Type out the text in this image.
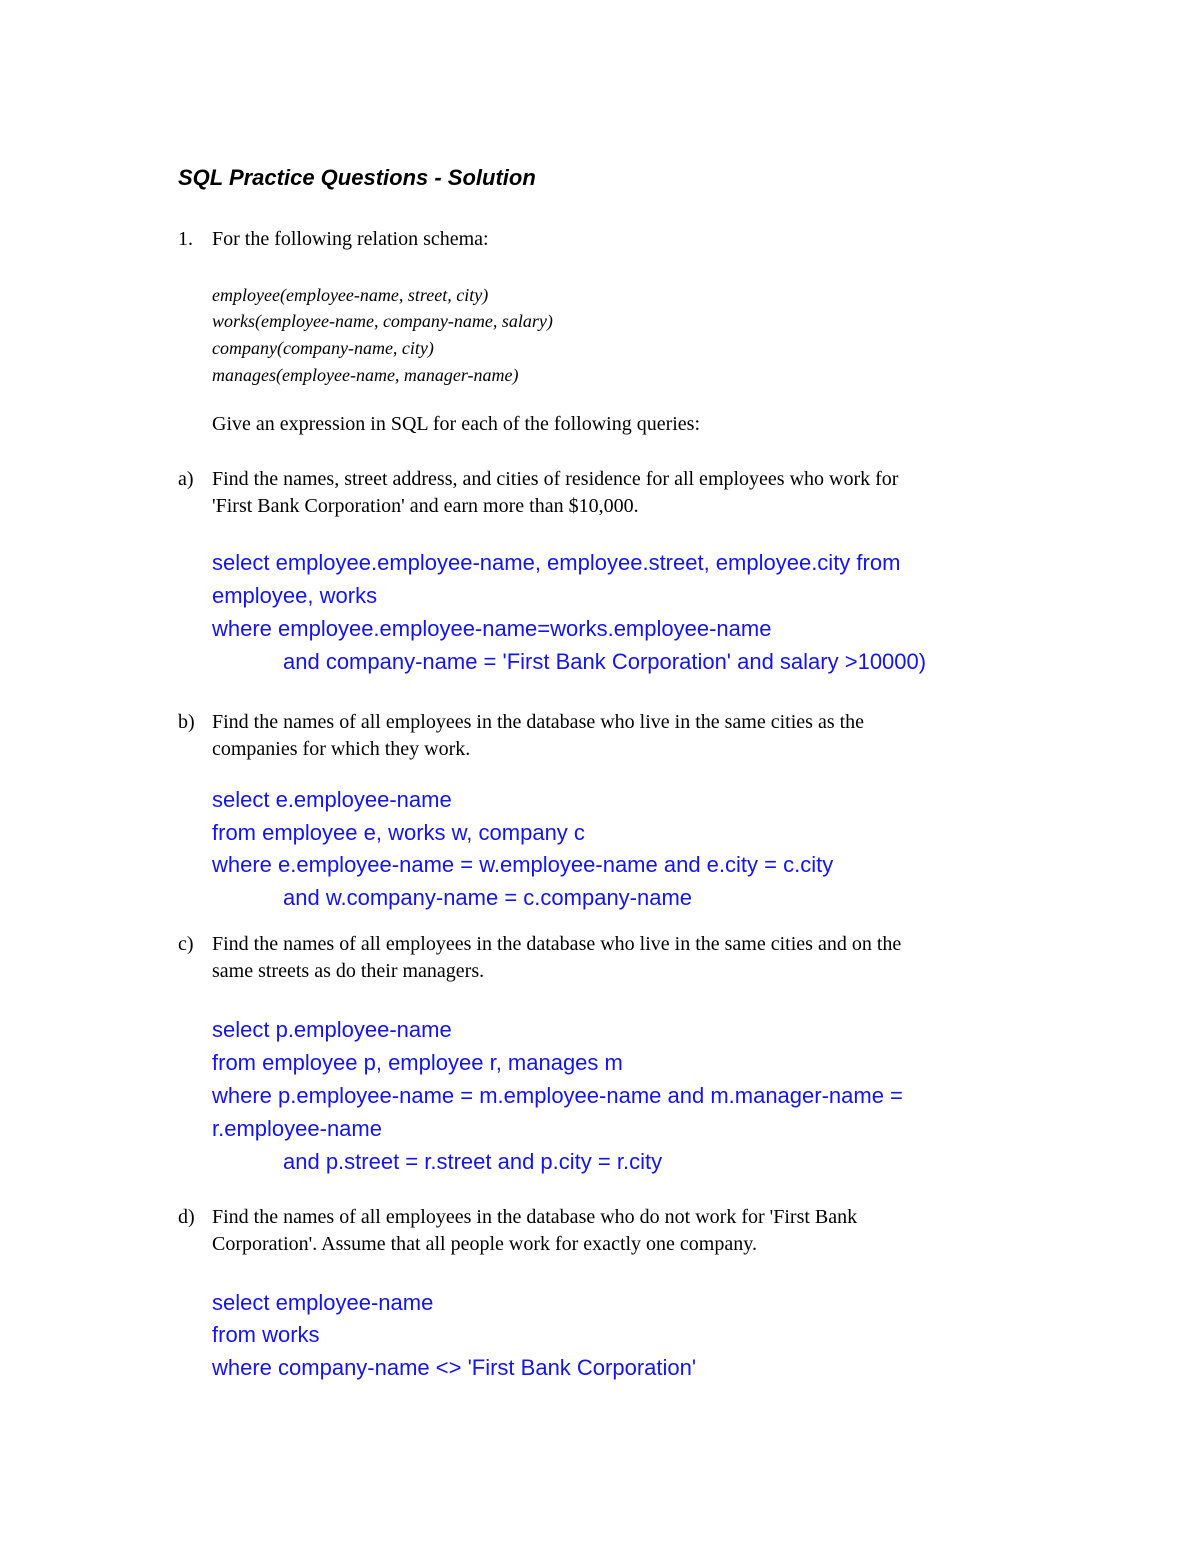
SQL Practice Questions - Solution
1. For the following relation schema:
employee(employee-name, street, city)
works(employee-name, company-name, salary)
company(company-name, city)
manages(employee-name, manager-name)
Give an expression in SQL for each of the following queries:
a) Find the names, street address, and cities of residence for all employees who work for
'First Bank Corporation' and earn more than $10,000.
select employee.employee-name, employee.street, employee.city from
employee, works
where employee.employee-name=works.employee-name
and company-name = 'First Bank Corporation' and salary >10000)
b) Find the names of all employees in the database who live in the same cities as the
companies for which they work.
select e.employee-name
from employee e, works w, company c
where e.employee-name = w.employee-name and e.city = c.city
and w.company-name = c.company-name
c) Find the names of all employees in the database who live in the same cities and on the
same streets as do their managers.
select p.employee-name
from employee p, employee r, manages m
where p.employee-name = m.employee-name and m.manager-name =
r.employee-name
and p.street = r.street and p.city = r.city
d) Find the names of all employees in the database who do not work for 'First Bank
Corporation'. Assume that all people work for exactly one company.
select employee-name
from works
where company-name <> 'First Bank Corporation'
